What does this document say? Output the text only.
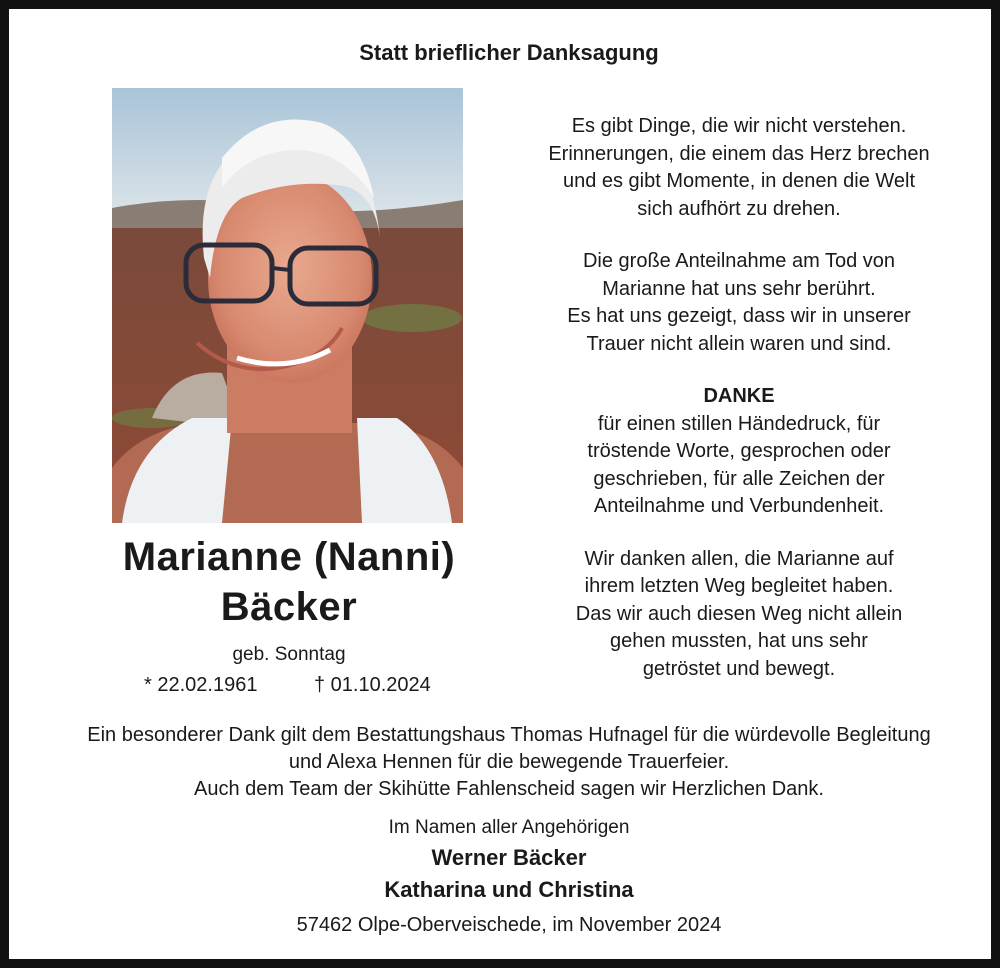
Statt brieflicher Danksagung
Marianne (Nanni)
Bäcker
geb. Sonntag
* 22.02.1961	† 01.10.2024

Es gibt Dinge, die wir nicht verstehen.

Erinnerungen, die einem das Herz brechen

und es gibt Momente, in denen die Welt

sich aufhört zu drehen.

Die große Anteilnahme am Tod von

Marianne hat uns sehr berührt.

Es hat uns gezeigt, dass wir in unserer

Trauer nicht allein waren und sind.

DANKE

für einen stillen Händedruck, für

tröstende Worte, gesprochen oder

geschrieben, für alle Zeichen der

Anteilnahme und Verbundenheit.

Wir danken allen, die Marianne auf

ihrem letzten Weg begleitet haben.

Das wir auch diesen Weg nicht allein

gehen mussten, hat uns sehr

getröstet und bewegt.

Ein besonderer Dank gilt dem Bestattungshaus Thomas Hufnagel für die würdevolle Begleitung

und Alexa Hennen für die bewegende Trauerfeier.

Auch dem Team der Skihütte Fahlenscheid sagen wir Herzlichen Dank.

Im Namen aller Angehörigen
Werner Bäcker
Katharina und Christina
57462 Olpe-Oberveischede, im November 2024
